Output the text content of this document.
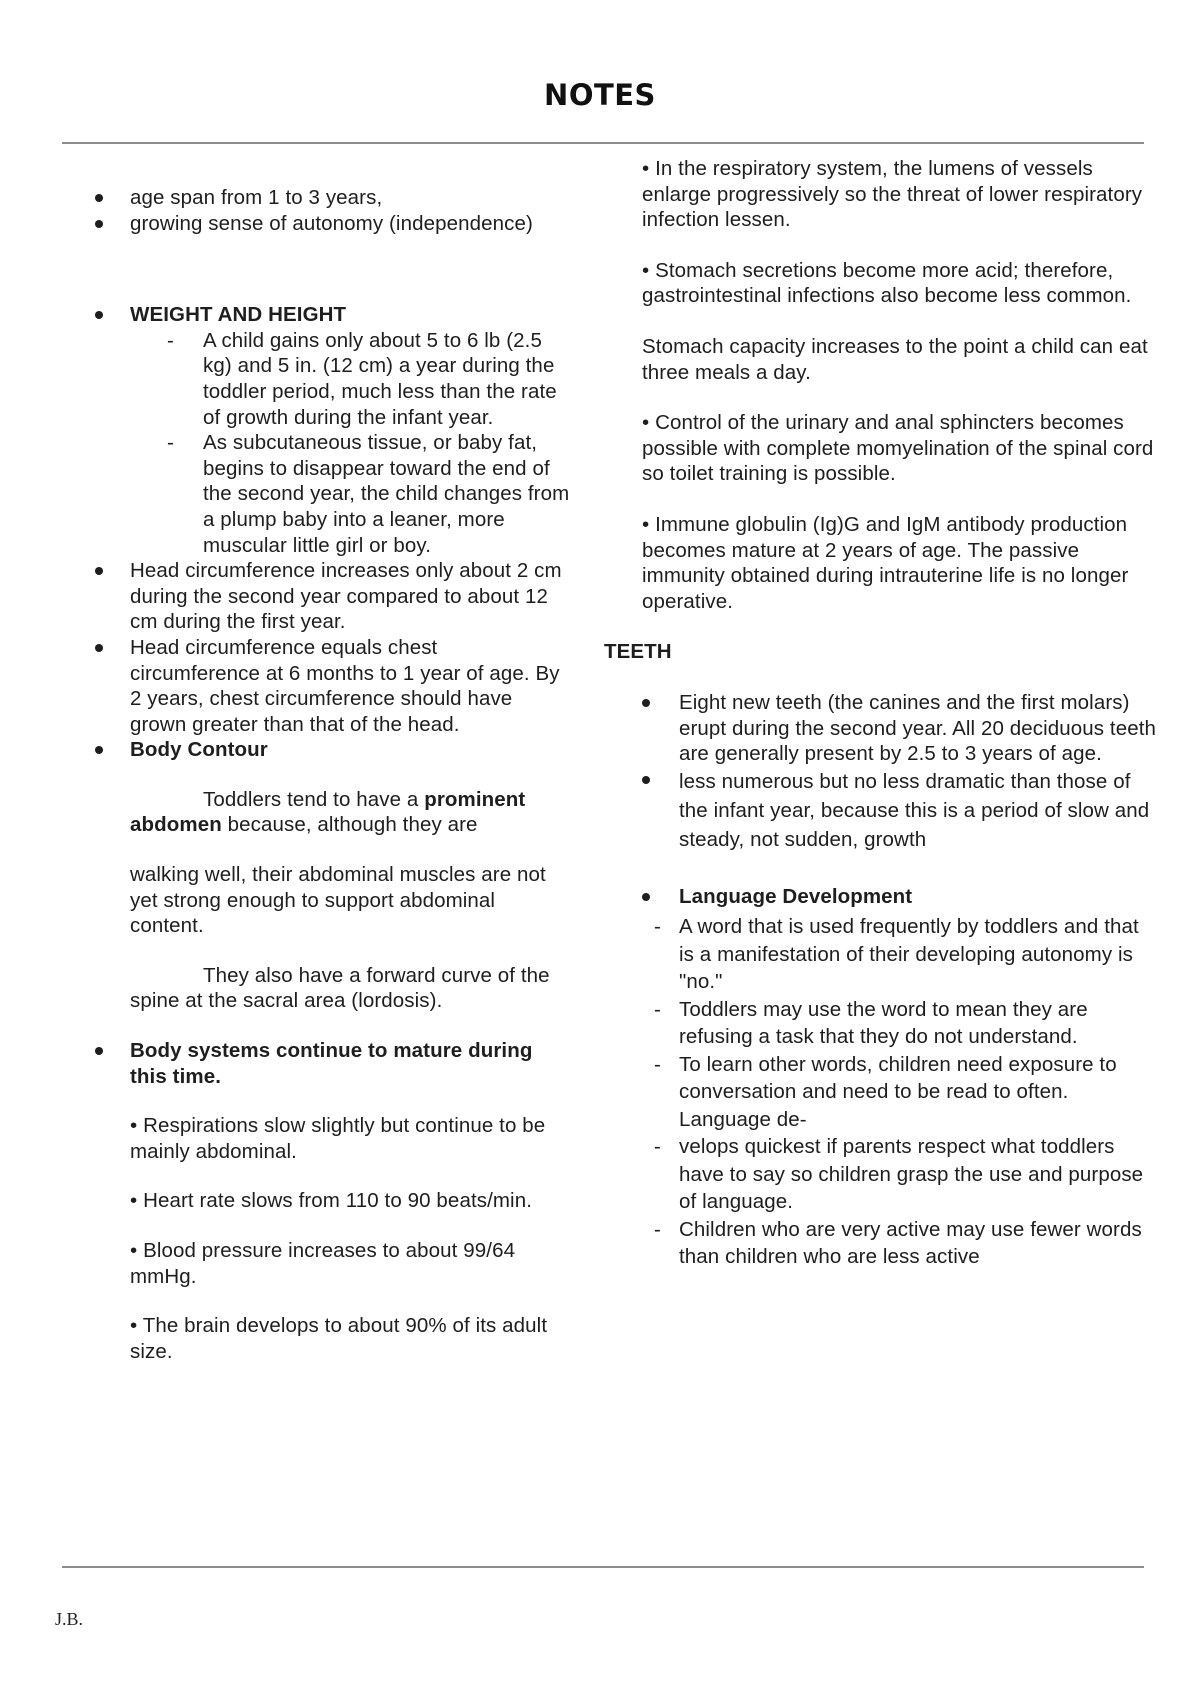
NOTES
age span from 1 to 3 years,
growing sense of autonomy (independence)
WEIGHT AND HEIGHT
- A child gains only about 5 to 6 lb (2.5 kg) and 5 in. (12 cm) a year during the toddler period, much less than the rate of growth during the infant year.
- As subcutaneous tissue, or baby fat, begins to disappear toward the end of the second year, the child changes from a plump baby into a leaner, more muscular little girl or boy.
Head circumference increases only about 2 cm during the second year compared to about 12 cm during the first year.
Head circumference equals chest circumference at 6 months to 1 year of age. By 2 years, chest circumference should have grown greater than that of the head.
Body Contour
Toddlers tend to have a prominent abdomen because, although they are
walking well, their abdominal muscles are not yet strong enough to support abdominal content.
They also have a forward curve of the spine at the sacral area (lordosis).
Body systems continue to mature during this time.
• Respirations slow slightly but continue to be mainly abdominal.
• Heart rate slows from 110 to 90 beats/min.
• Blood pressure increases to about 99/64 mmHg.
• The brain develops to about 90% of its adult size.
• In the respiratory system, the lumens of vessels enlarge progressively so the threat of lower respiratory infection lessen.
• Stomach secretions become more acid; therefore, gastrointestinal infections also become less common.
Stomach capacity increases to the point a child can eat three meals a day.
• Control of the urinary and anal sphincters becomes possible with complete momyelination of the spinal cord so toilet training is possible.
• Immune globulin (Ig)G and IgM antibody production becomes mature at 2 years of age. The passive immunity obtained during intrauterine life is no longer operative.
TEETH
Eight new teeth (the canines and the first molars) erupt during the second year. All 20 deciduous teeth are generally present by 2.5 to 3 years of age.
less numerous but no less dramatic than those of the infant year, because this is a period of slow and steady, not sudden, growth
Language Development
- A word that is used frequently by toddlers and that is a manifestation of their developing autonomy is "no."
- Toddlers may use the word to mean they are refusing a task that they do not understand.
- To learn other words, children need exposure to conversation and need to be read to often. Language de-
- velops quickest if parents respect what toddlers have to say so children grasp the use and purpose of language.
- Children who are very active may use fewer words than children who are less active
J.B.
